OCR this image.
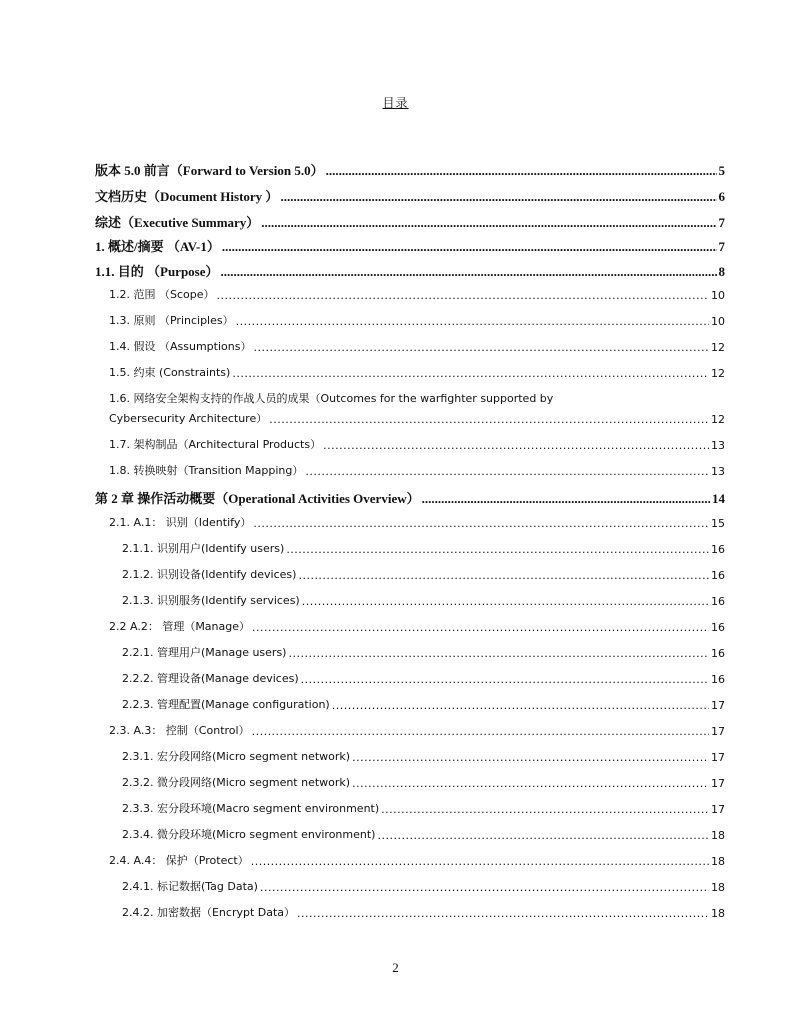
目录
版本 5.0 前言（Forward to Version 5.0） .....	5
文档历史（Document History ） .....	6
综述（Executive Summary） .....	7
1. 概述/摘要 （AV-1） .....	7
1.1. 目的 （Purpose） .....	8
1.2. 范围 （Scope） .....	10
1.3. 原则 （Principles） .....	10
1.4. 假设 （Assumptions） .....	12
1.5. 约束 (Constraints) .....	12
1.6. 网络安全架构支持的作战人员的成果（Outcomes for the warfighter supported by
Cybersecurity Architecture） .....	12
1.7. 架构制品（Architectural Products） .....	13
1.8. 转换映射（Transition Mapping） .....	13
第 2 章 操作活动概要（Operational Activities Overview） .....	14
2.1. A.1： 识别（Identify） .....	15
2.1.1. 识别用户(Identify users) .....	16
2.1.2. 识别设备(Identify devices) .....	16
2.1.3. 识别服务(Identify services) .....	16
2.2 A.2： 管理（Manage） .....	16
2.2.1. 管理用户(Manage users) .....	16
2.2.2. 管理设备(Manage devices) .....	16
2.2.3. 管理配置(Manage configuration) .....	17
2.3. A.3： 控制（Control） .....	17
2.3.1. 宏分段网络(Micro segment network) .....	17
2.3.2. 微分段网络(Micro segment network) .....	17
2.3.3. 宏分段环境(Macro segment environment) .....	17
2.3.4. 微分段环境(Micro segment environment) .....	18
2.4. A.4： 保护（Protect） .....	18
2.4.1. 标记数据(Tag Data) .....	18
2.4.2. 加密数据（Encrypt Data） .....	18
2
